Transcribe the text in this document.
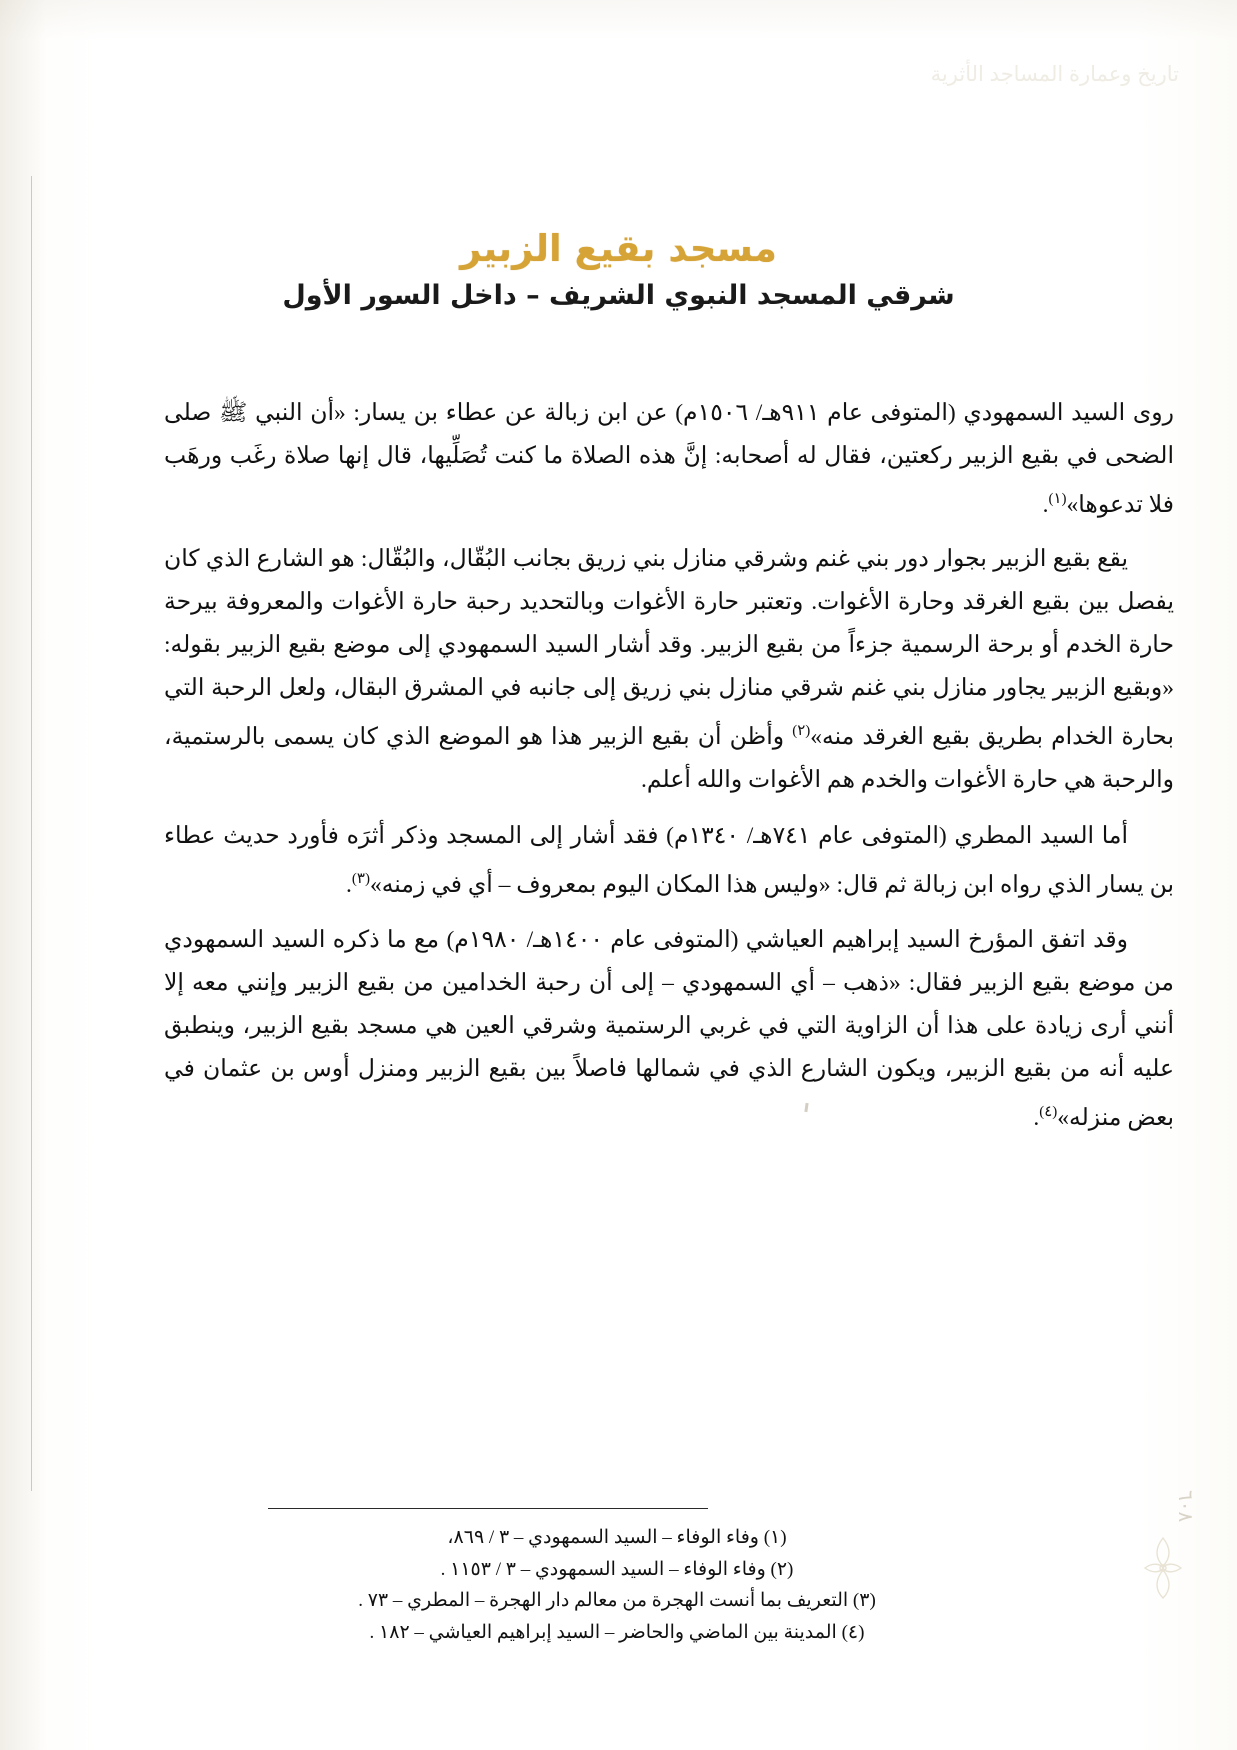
تاريخ وعمارة المساجد الأثرية
مسجد بقيع الزبير
شرقي المسجد النبوي الشريف – داخل السور الأول

روى السيد السمهودي (المتوفى عام ٩١١هـ/ ١٥٠٦م) عن ابن زبالة عن عطاء بن يسار: «أن النبي ﷺ صلى الضحى في بقيع الزبير ركعتين، فقال له أصحابه: إنَّ هذه الصلاة ما كنت تُصَلِّيها، قال إنها صلاة رغَب ورهَب فلا تدعوها»$^{(١)}$.

يقع بقيع الزبير بجوار دور بني غنم وشرقي منازل بني زريق بجانب البُقّال، والبُقّال: هو الشارع الذي كان يفصل بين بقيع الغرقد وحارة الأغوات. وتعتبر حارة الأغوات وبالتحديد رحبة حارة الأغوات والمعروفة بيرحة حارة الخدم أو برحة الرسمية جزءاً من بقيع الزبير. وقد أشار السيد السمهودي إلى موضع بقيع الزبير بقوله: «وبقيع الزبير يجاور منازل بني غنم شرقي منازل بني زريق إلى جانبه في المشرق البقال، ولعل الرحبة التي بحارة الخدام بطريق بقيع الغرقد منه»$^{(٢)}$ وأظن أن بقيع الزبير هذا هو الموضع الذي كان يسمى بالرستمية، والرحبة هي حارة الأغوات والخدم هم الأغوات والله أعلم.

أما السيد المطري (المتوفى عام ٧٤١هـ/ ١٣٤٠م) فقد أشار إلى المسجد وذكر أثرَه فأورد حديث عطاء بن يسار الذي رواه ابن زبالة ثم قال: «وليس هذا المكان اليوم بمعروف – أي في زمنه»$^{(٣)}$.

وقد اتفق المؤرخ السيد إبراهيم العياشي (المتوفى عام ١٤٠٠هـ/ ١٩٨٠م) مع ما ذكره السيد السمهودي من موضع بقيع الزبير فقال: «ذهب – أي السمهودي – إلى أن رحبة الخدامين من بقيع الزبير وإنني معه إلا أنني أرى زيادة على هذا أن الزاوية التي في غربي الرستمية وشرقي العين هي مسجد بقيع الزبير، وينطبق عليه أنه من بقيع الزبير، ويكون الشارع الذي في شمالها فاصلاً بين بقيع الزبير ومنزل أوس بن عثمان في بعض منزله»$^{(٤)}$.

(١) وفاء الوفاء – السيد السمهودي – ٣ / ٨٦٩،

(٢) وفاء الوفاء – السيد السمهودي – ٣ / ١١٥٣ .

(٣) التعريف بما أنست الهجرة من معالم دار الهجرة – المطري – ٧٣ .

(٤) المدينة بين الماضي والحاضر – السيد إبراهيم العياشي – ١٨٢ .

٦٠٨
